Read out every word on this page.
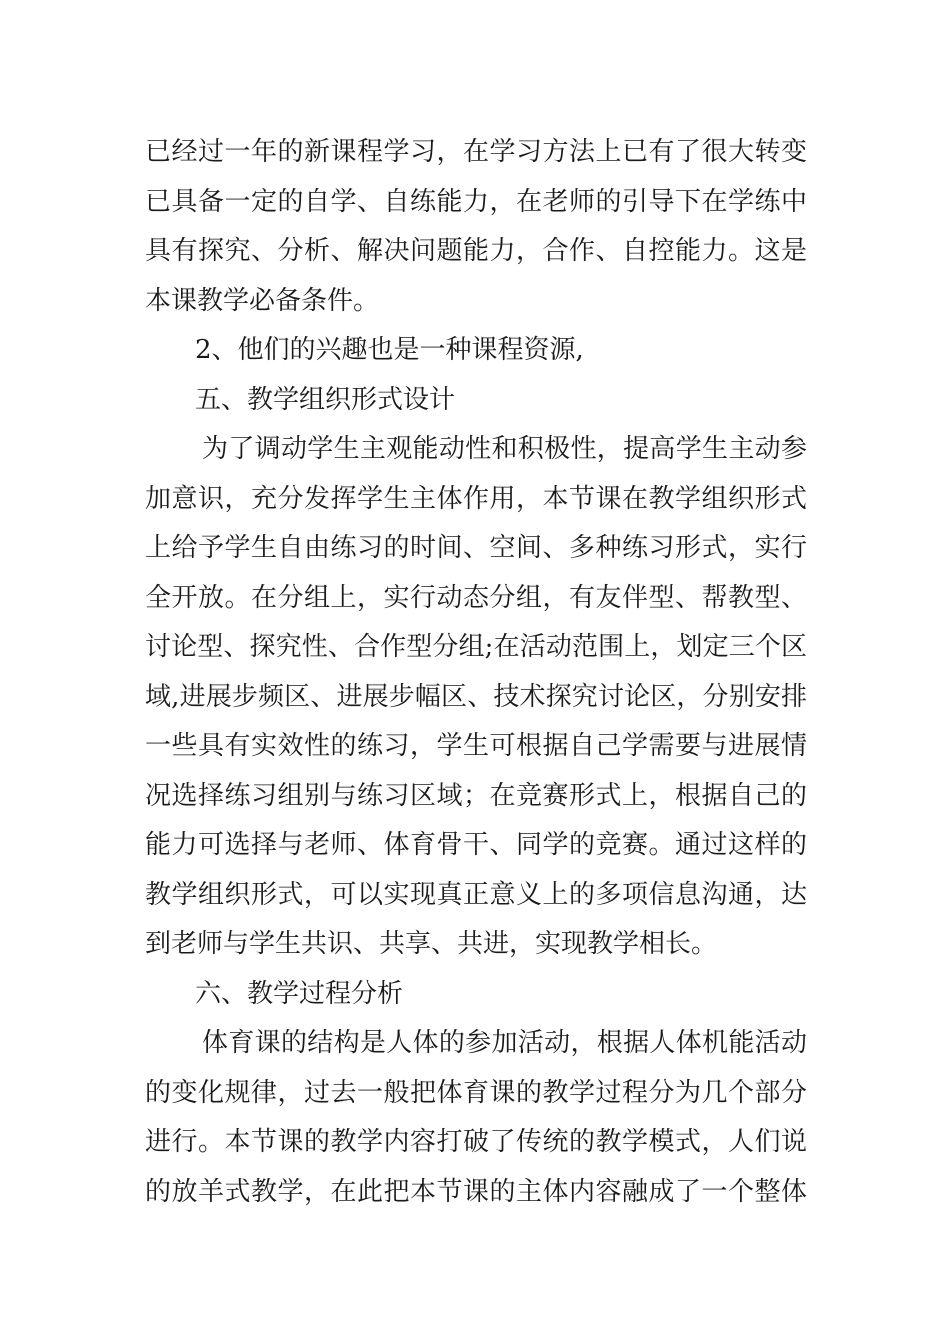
已经过一年的新课程学习，在学习方法上已有了很大转变
已具备一定的自学、自练能力，在老师的引导下在学练中
具有探究、分析、解决问题能力，合作、自控能力。这是
本课教学必备条件。
2、他们的兴趣也是一种课程资源,
五、教学组织形式设计
为了调动学生主观能动性和积极性，提高学生主动参
加意识，充分发挥学生主体作用，本节课在教学组织形式
上给予学生自由练习的时间、空间、多种练习形式，实行
全开放。在分组上，实行动态分组，有友伴型、帮教型、
讨论型、探究性、合作型分组;在活动范围上，划定三个区
域,进展步频区、进展步幅区、技术探究讨论区，分别安排
一些具有实效性的练习，学生可根据自己学需要与进展情
况选择练习组别与练习区域；在竞赛形式上，根据自己的
能力可选择与老师、体育骨干、同学的竞赛。通过这样的
教学组织形式，可以实现真正意义上的多项信息沟通，达
到老师与学生共识、共享、共进，实现教学相长。
六、教学过程分析
体育课的结构是人体的参加活动，根据人体机能活动
的变化规律，过去一般把体育课的教学过程分为几个部分
进行。本节课的教学内容打破了传统的教学模式，人们说
的放羊式教学，在此把本节课的主体内容融成了一个整体
